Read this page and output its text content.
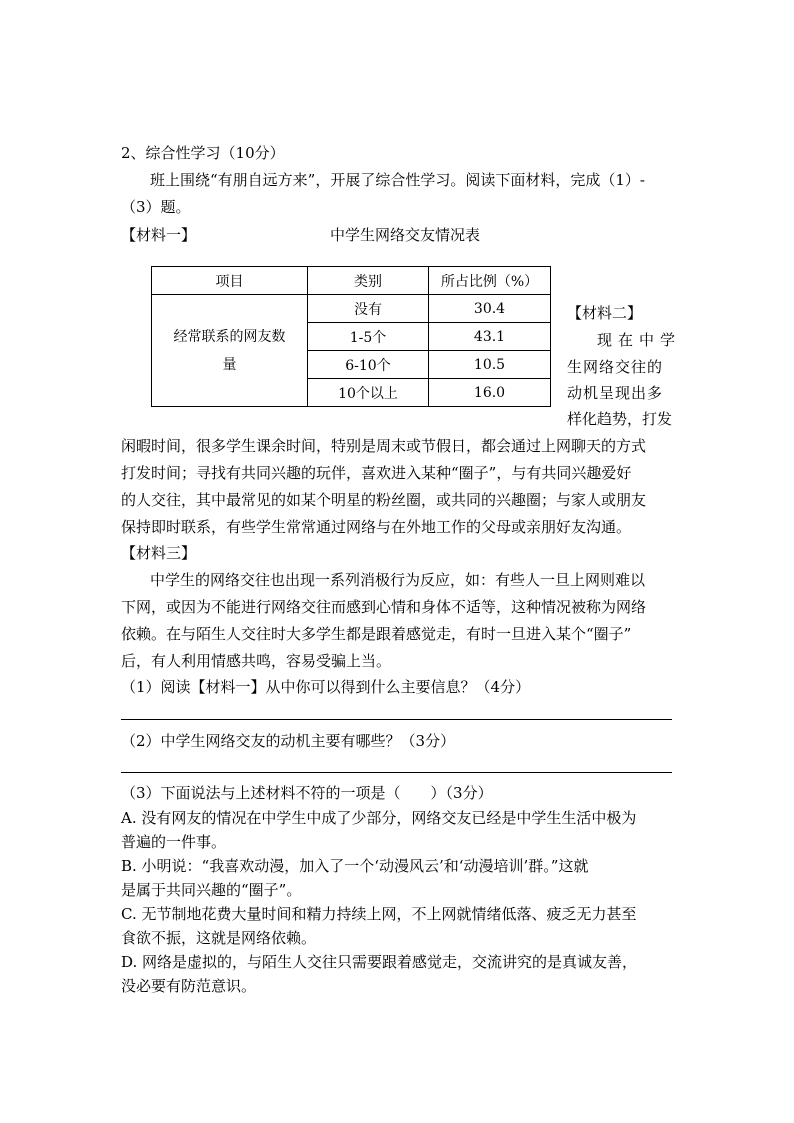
2、综合性学习（10分）
班上围绕“有朋自远方来”，开展了综合性学习。阅读下面材料，完成（1）-
（3）题。
【材料一】	中学生网络交友情况表
项目	类别	所占比例（%）

经常联系的网友数
量	没有	30.4
	1-5个	43.1
	6-10个	10.5
	10个以上	16.0
【材料二】
现在中学
生网络交往的
动机呈现出多
样化趋势，打发
闲暇时间，很多学生课余时间，特别是周末或节假日，都会通过上网聊天的方式
打发时间；寻找有共同兴趣的玩伴，喜欢进入某种“圈子”，与有共同兴趣爱好
的人交往，其中最常见的如某个明星的粉丝圈，或共同的兴趣圈；与家人或朋友
保持即时联系，有些学生常常通过网络与在外地工作的父母或亲朋好友沟通。
【材料三】
中学生的网络交往也出现一系列消极行为反应，如：有些人一旦上网则难以
下网，或因为不能进行网络交往而感到心情和身体不适等，这种情况被称为网络
依赖。在与陌生人交往时大多学生都是跟着感觉走，有时一旦进入某个“圈子”
后，有人利用情感共鸣，容易受骗上当。
（1）阅读【材料一】从中你可以得到什么主要信息？（4分）
（2）中学生网络交友的动机主要有哪些？（3分）
（3）下面说法与上述材料不符的一项是（　　）（3分）
A. 没有网友的情况在中学生中成了少部分，网络交友已经是中学生生活中极为
普遍的一件事。
B. 小明说：“我喜欢动漫，加入了一个‘动漫风云’和‘动漫培训’群。”这就
是属于共同兴趣的“圈子”。
C. 无节制地花费大量时间和精力持续上网，不上网就情绪低落、疲乏无力甚至
食欲不振，这就是网络依赖。
D. 网络是虚拟的，与陌生人交往只需要跟着感觉走，交流讲究的是真诚友善，
没必要有防范意识。
